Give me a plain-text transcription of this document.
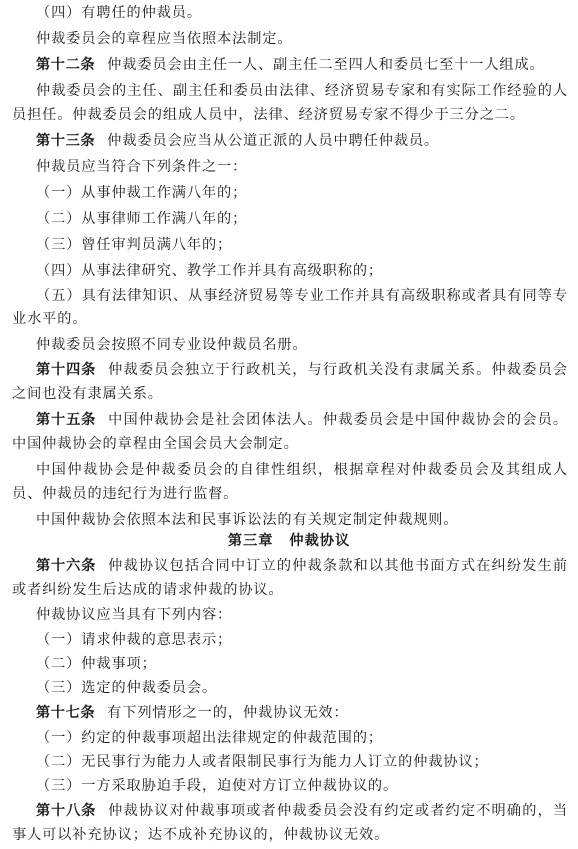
（四）有聘任的仲裁员。
仲裁委员会的章程应当依照本法制定。
第十二条 仲裁委员会由主任一人、副主任二至四人和委员七至十一人组成。
仲裁委员会的主任、副主任和委员由法律、经济贸易专家和有实际工作经验的人
员担任。仲裁委员会的组成人员中，法律、经济贸易专家不得少于三分之二。
第十三条 仲裁委员会应当从公道正派的人员中聘任仲裁员。
仲裁员应当符合下列条件之一：
（一）从事仲裁工作满八年的；
（二）从事律师工作满八年的；
（三）曾任审判员满八年的；
（四）从事法律研究、教学工作并具有高级职称的；
（五）具有法律知识、从事经济贸易等专业工作并具有高级职称或者具有同等专
业水平的。
仲裁委员会按照不同专业设仲裁员名册。
第十四条 仲裁委员会独立于行政机关，与行政机关没有隶属关系。仲裁委员会
之间也没有隶属关系。
第十五条 中国仲裁协会是社会团体法人。仲裁委员会是中国仲裁协会的会员。
中国仲裁协会的章程由全国会员大会制定。
中国仲裁协会是仲裁委员会的自律性组织，根据章程对仲裁委员会及其组成人
员、仲裁员的违纪行为进行监督。
中国仲裁协会依照本法和民事诉讼法的有关规定制定仲裁规则。
第三章 仲裁协议
第十六条 仲裁协议包括合同中订立的仲裁条款和以其他书面方式在纠纷发生前
或者纠纷发生后达成的请求仲裁的协议。
仲裁协议应当具有下列内容：
（一）请求仲裁的意思表示；
（二）仲裁事项；
（三）选定的仲裁委员会。
第十七条 有下列情形之一的，仲裁协议无效：
（一）约定的仲裁事项超出法律规定的仲裁范围的；
（二）无民事行为能力人或者限制民事行为能力人订立的仲裁协议；
（三）一方采取胁迫手段，迫使对方订立仲裁协议的。
第十八条 仲裁协议对仲裁事项或者仲裁委员会没有约定或者约定不明确的，当
事人可以补充协议；达不成补充协议的，仲裁协议无效。
